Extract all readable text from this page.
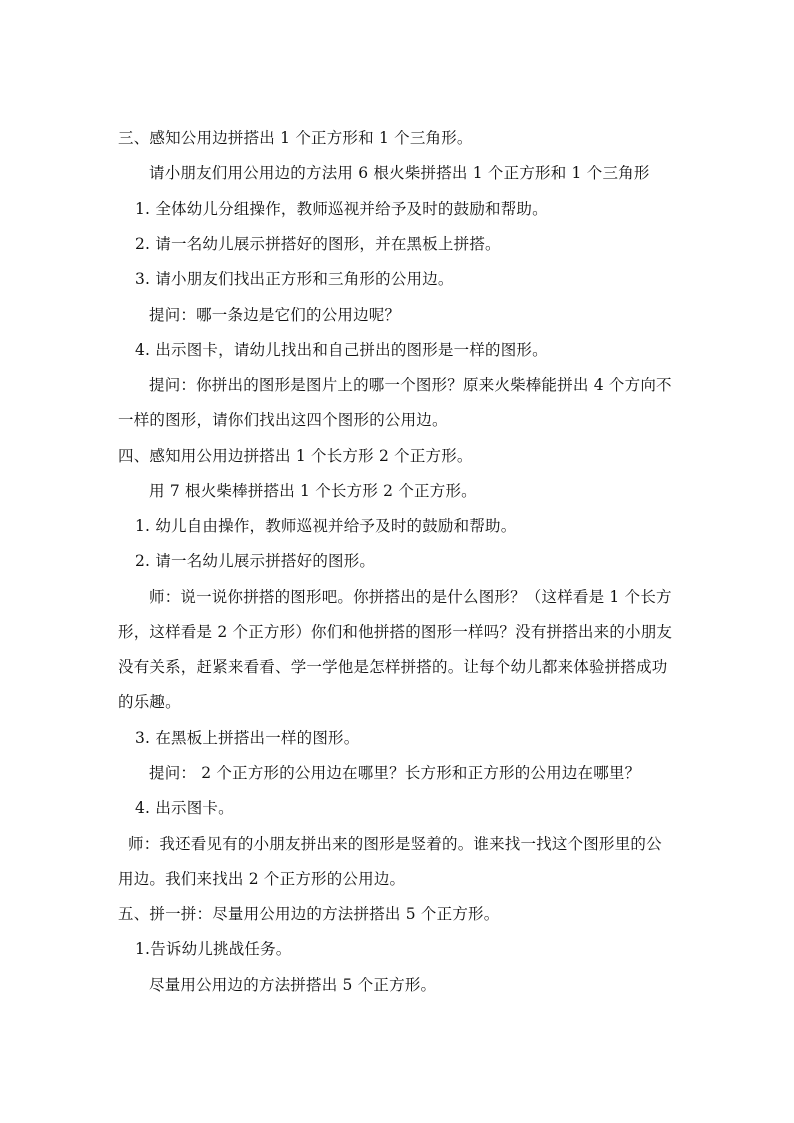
三、感知公用边拼搭出 1 个正方形和 1 个三角形。
请小朋友们用公用边的方法用 6 根火柴拼搭出 1 个正方形和 1 个三角形
1. 全体幼儿分组操作，教师巡视并给予及时的鼓励和帮助。
2. 请一名幼儿展示拼搭好的图形，并在黑板上拼搭。
3. 请小朋友们找出正方形和三角形的公用边。
提问：哪一条边是它们的公用边呢？
4. 出示图卡，请幼儿找出和自己拼出的图形是一样的图形。
提问：你拼出的图形是图片上的哪一个图形？原来火柴棒能拼出 4 个方向不
一样的图形，请你们找出这四个图形的公用边。
四、感知用公用边拼搭出 1 个长方形 2 个正方形。
用 7 根火柴棒拼搭出 1 个长方形 2 个正方形。
1. 幼儿自由操作，教师巡视并给予及时的鼓励和帮助。
2. 请一名幼儿展示拼搭好的图形。
师：说一说你拼搭的图形吧。你拼搭出的是什么图形？（这样看是 1 个长方
形，这样看是 2 个正方形）你们和他拼搭的图形一样吗？没有拼搭出来的小朋友
没有关系，赶紧来看看、学一学他是怎样拼搭的。让每个幼儿都来体验拼搭成功
的乐趣。
3. 在黑板上拼搭出一样的图形。
提问： 2 个正方形的公用边在哪里？长方形和正方形的公用边在哪里？
4. 出示图卡。
师：我还看见有的小朋友拼出来的图形是竖着的。谁来找一找这个图形里的公
用边。我们来找出 2 个正方形的公用边。
五、拼一拼：尽量用公用边的方法拼搭出 5 个正方形。
1.告诉幼儿挑战任务。
尽量用公用边的方法拼搭出 5 个正方形。
